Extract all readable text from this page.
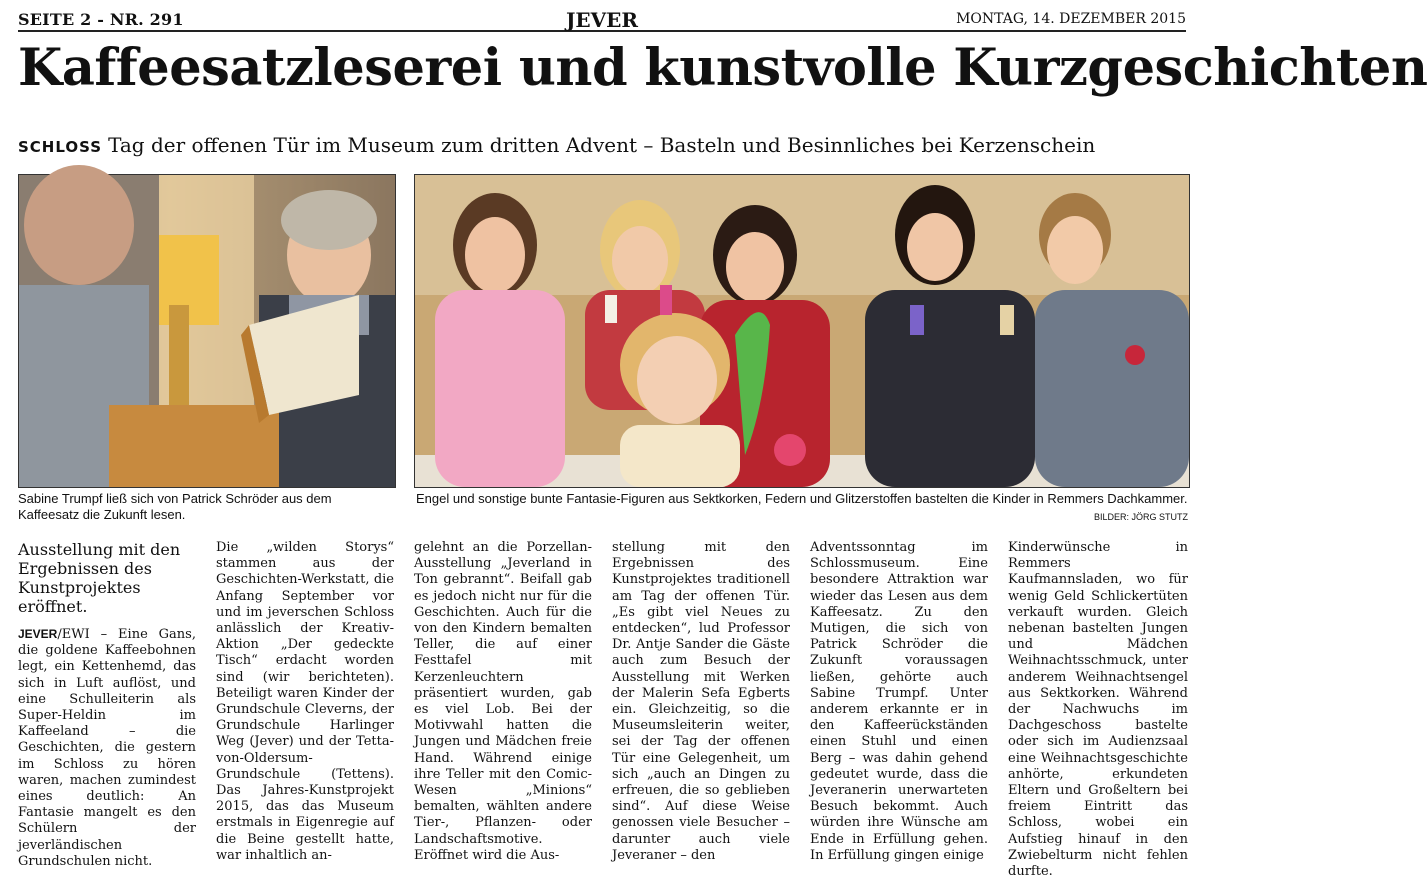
SEITE 2 - NR. 291	JEVER	MONTAG, 14. DEZEMBER 2015
Kaffeesatzleserei und kunstvolle Kurzgeschichten
SCHLOSS Tag der offenen Tür im Museum zum dritten Advent – Basteln und Besinnliches bei Kerzenschein
Sabine Trumpf ließ sich von Patrick Schröder aus dem Kaffeesatz die Zukunft lesen.
Engel und sonstige bunte Fantasie-Figuren aus Sektkorken, Federn und Glitzerstoffen bastelten die Kinder in Remmers Dachkammer.
BILDER: JÖRG STUTZ

Ausstellung mit den Ergebnissen des Kunstprojektes eröffnet.

JEVER/EWI – Eine Gans, die goldene Kaffeebohnen legt, ein Kettenhemd, das sich in Luft auflöst, und eine Schulleiterin als Super-Heldin im Kaffeeland – die Geschichten, die gestern im Schloss zu hören waren, machen zumindest eines deutlich: An Fantasie mangelt es den Schülern der jeverländischen Grundschulen nicht.

Die „wilden Storys“ stammen aus der Geschichten-Werkstatt, die Anfang September vor und im jeverschen Schloss anlässlich der Kreativ-Aktion „Der gedeckte Tisch“ erdacht worden sind (wir berichteten). Beteiligt waren Kinder der Grundschule Cleverns, der Grundschule Harlinger Weg (Jever) und der Tetta-von-Oldersum-Grundschule (Tettens). Das Jahres-Kunstprojekt 2015, das das Museum erstmals in Eigenregie auf die Beine gestellt hatte, war inhaltlich an-

gelehnt an die Porzellan-Ausstellung „Jeverland in Ton gebrannt“. Beifall gab es jedoch nicht nur für die Geschichten. Auch für die von den Kindern bemalten Teller, die auf einer Festtafel mit Kerzenleuchtern präsentiert wurden, gab es viel Lob. Bei der Motivwahl hatten die Jungen und Mädchen freie Hand. Während einige ihre Teller mit den Comic-Wesen „Minions“ bemalten, wählten andere Tier-, Pflanzen- oder Landschaftsmotive. Eröffnet wird die Aus-

stellung mit den Ergebnissen des Kunstprojektes traditionell am Tag der offenen Tür. „Es gibt viel Neues zu entdecken“, lud Professor Dr. Antje Sander die Gäste auch zum Besuch der Ausstellung mit Werken der Malerin Sefa Egberts ein. Gleichzeitig, so die Museumsleiterin weiter, sei der Tag der offenen Tür eine Gelegenheit, um sich „auch an Dingen zu erfreuen, die so geblieben sind“. Auf diese Weise genossen viele Besucher – darunter auch viele Jeveraner – den

Adventssonntag im Schlossmuseum. Eine besondere Attraktion war wieder das Lesen aus dem Kaffeesatz. Zu den Mutigen, die sich von Patrick Schröder die Zukunft voraussagen ließen, gehörte auch Sabine Trumpf. Unter anderem erkannte er in den Kaffeerückständen einen Stuhl und einen Berg – was dahin gehend gedeutet wurde, dass die Jeveranerin unerwarteten Besuch bekommt. Auch würden ihre Wünsche am Ende in Erfüllung gehen. In Erfüllung gingen einige

Kinderwünsche in Remmers Kaufmannsladen, wo für wenig Geld Schlickertüten verkauft wurden. Gleich nebenan bastelten Jungen und Mädchen Weihnachtsschmuck, unter anderem Weihnachtsengel aus Sektkorken. Während der Nachwuchs im Dachgeschoss bastelte oder sich im Audienzsaal eine Weihnachtsgeschichte anhörte, erkundeten Eltern und Großeltern bei freiem Eintritt das Schloss, wobei ein Aufstieg hinauf in den Zwiebelturm nicht fehlen durfte.
